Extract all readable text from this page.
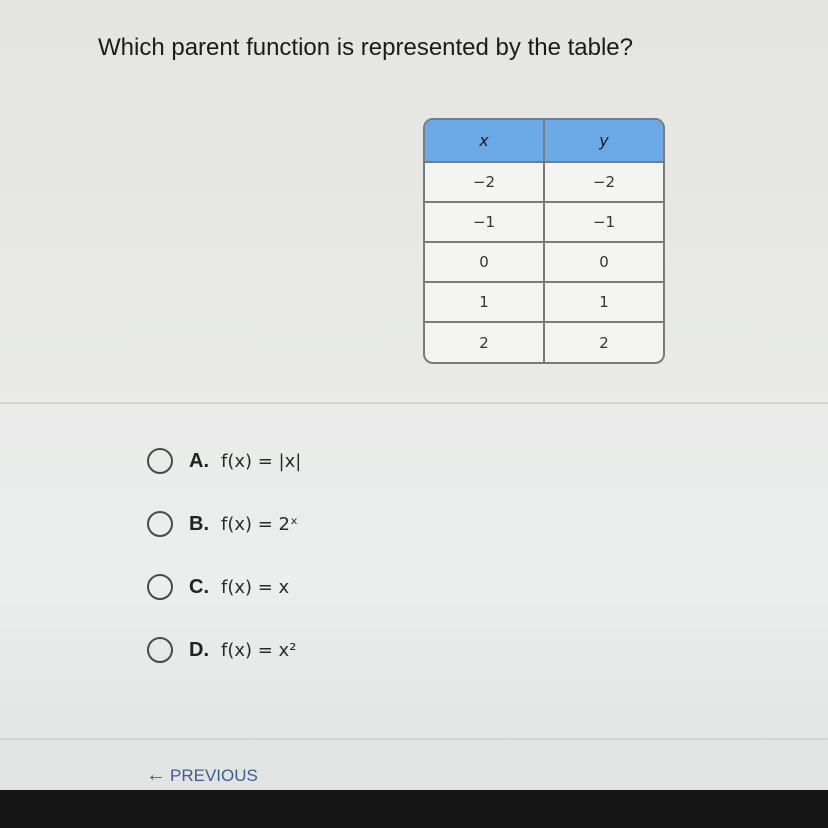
Which parent function is represented by the table?
x	y
−2	−2
−1	−1
0	0
1	1
2	2
A. f(x) = |x|
B. f(x) = 2ˣ
C. f(x) = x
D. f(x) = x²
← PREVIOUS
